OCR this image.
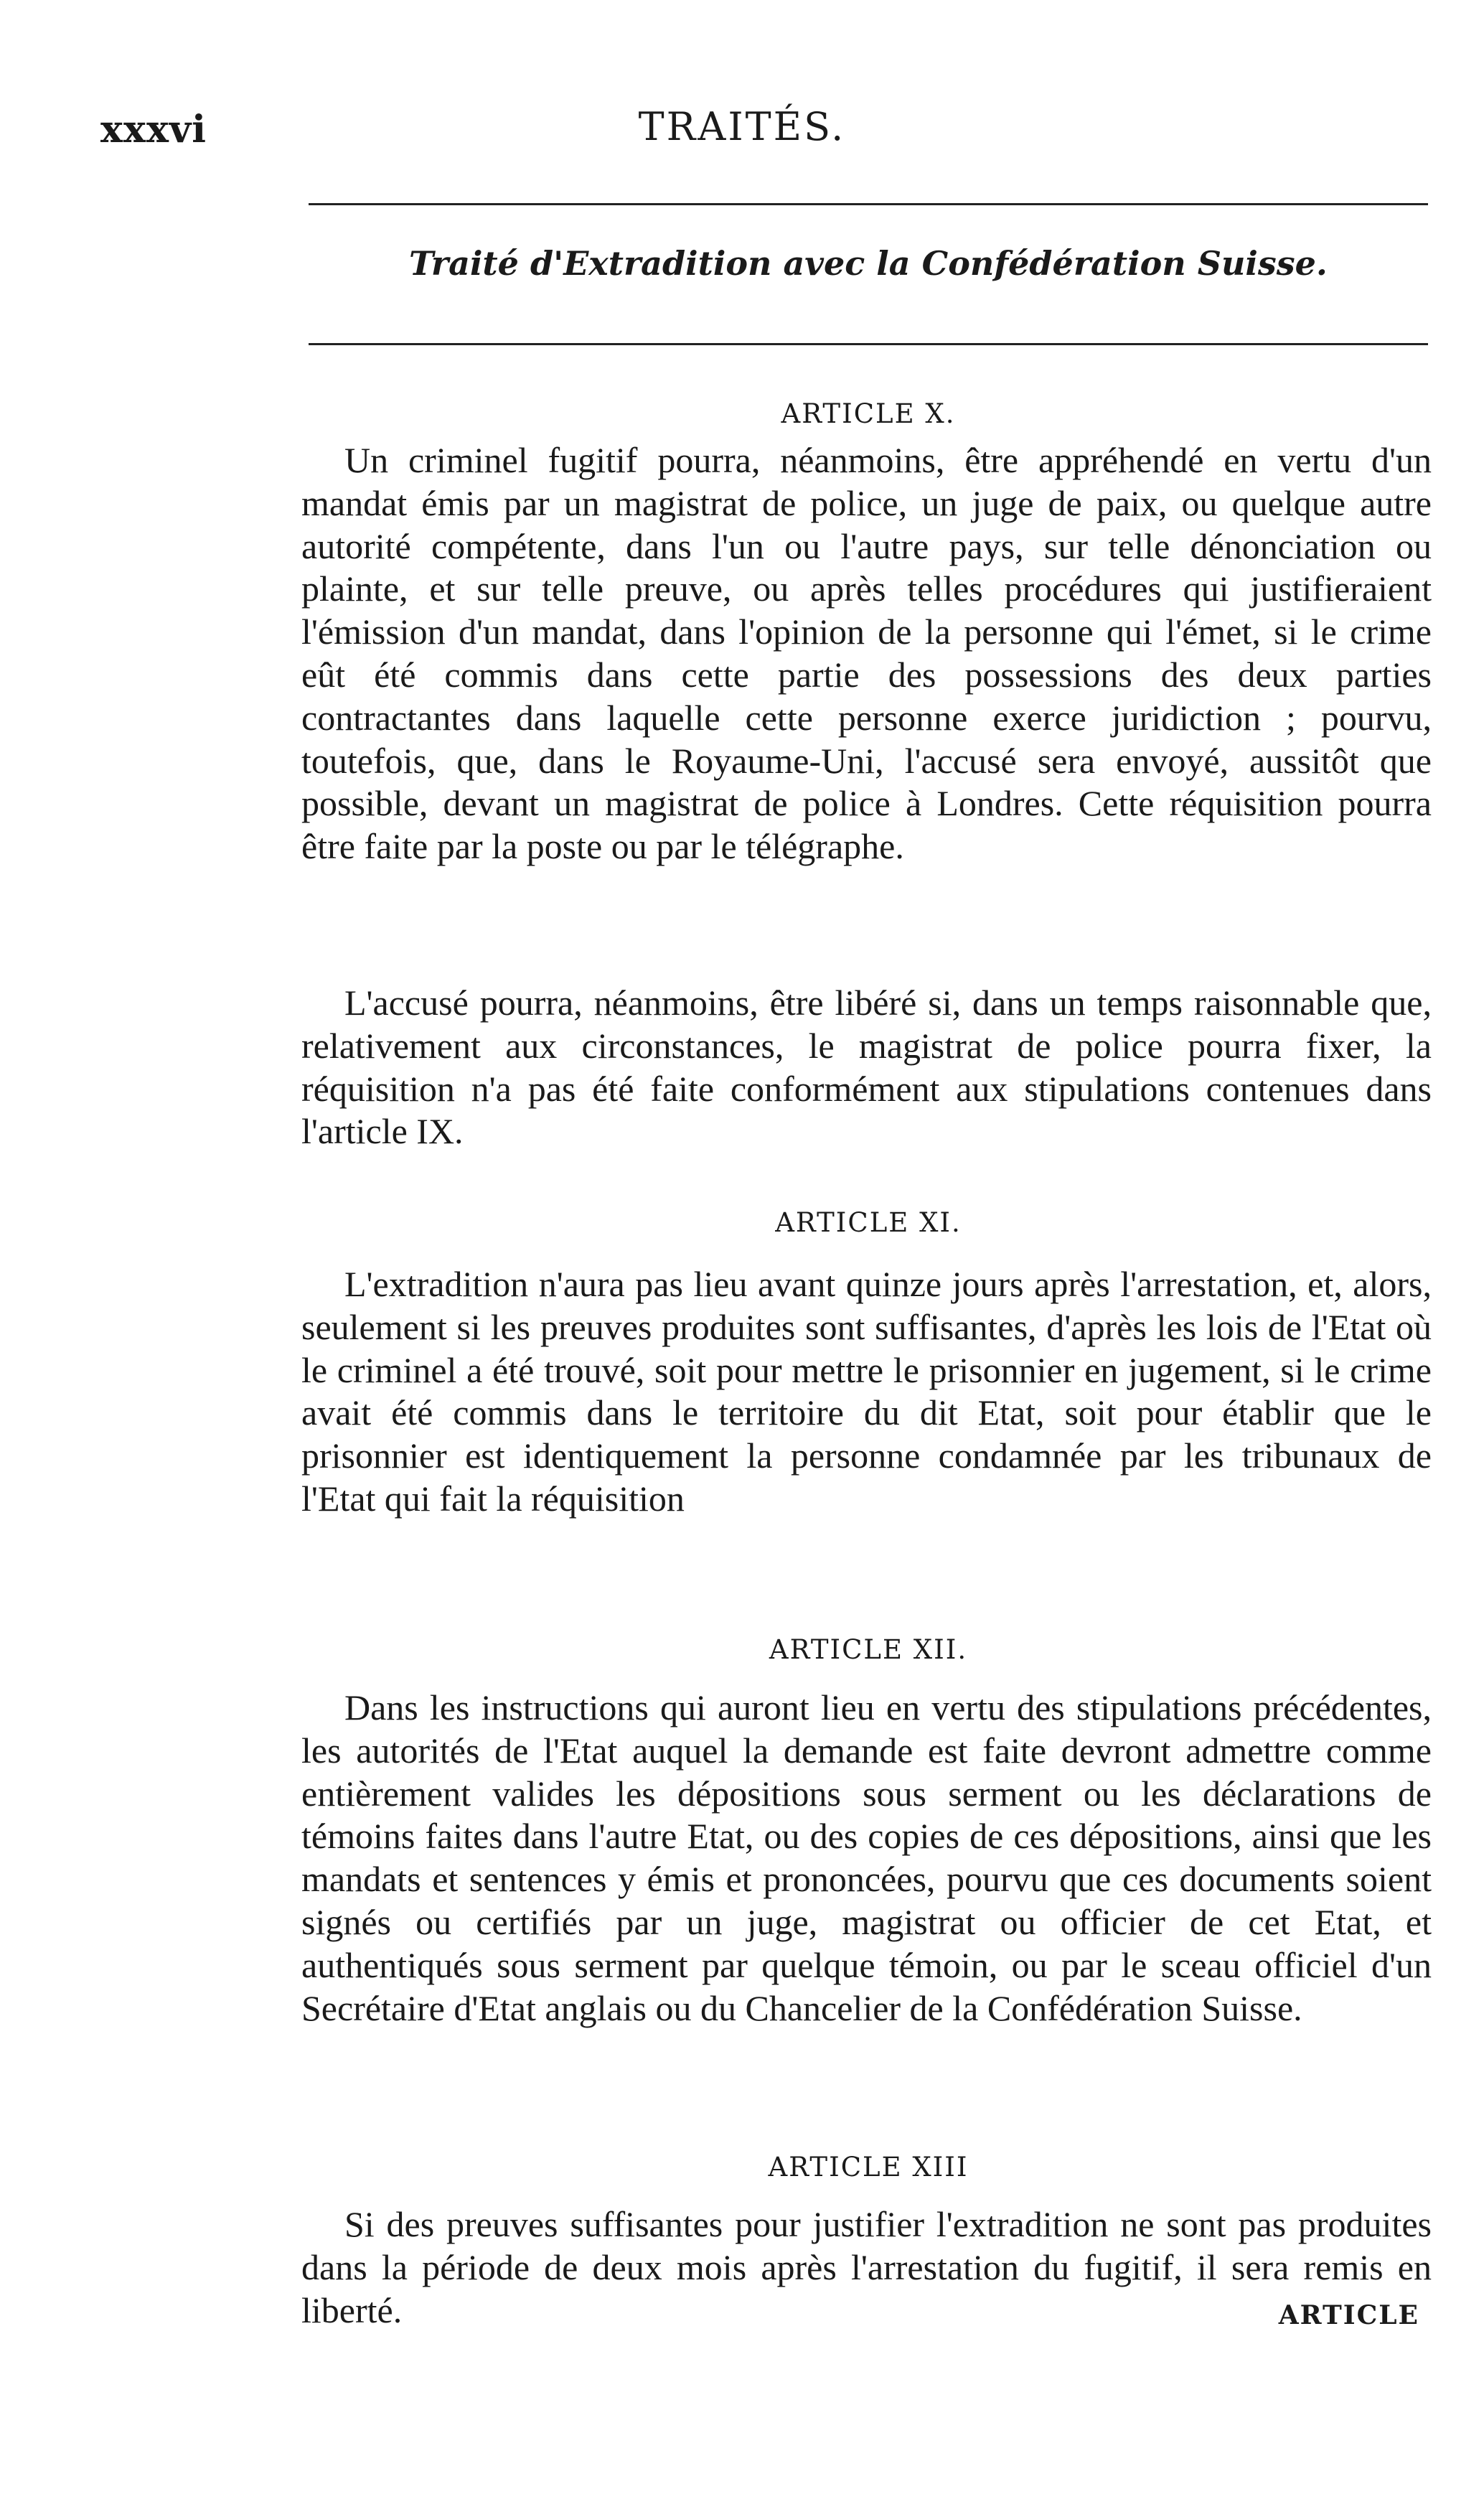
xxxvi	TRAITÉS.
Traité d'Extradition avec la Confédération Suisse.
ARTICLE X.

Un criminel fugitif pourra, néanmoins, être appréhendé en vertu d'un mandat émis par un magistrat de police, un juge de paix, ou quelque autre autorité compétente, dans l'un ou l'autre pays, sur telle dénonciation ou plainte, et sur telle preuve, ou après telles procédures qui justifieraient l'émission d'un mandat, dans l'opinion de la personne qui l'émet, si le crime eût été commis dans cette partie des possessions des deux parties contractantes dans laquelle cette personne exerce juridiction ; pourvu, toutefois, que, dans le Royaume-Uni, l'accusé sera envoyé, aussitôt que possible, devant un magistrat de police à Londres. Cette réquisition pourra être faite par la poste ou par le télégraphe.

L'accusé pourra, néanmoins, être libéré si, dans un temps raisonnable que, relativement aux circonstances, le magistrat de police pourra fixer, la réquisition n'a pas été faite conformément aux stipulations contenues dans l'article IX.

ARTICLE XI.

L'extradition n'aura pas lieu avant quinze jours après l'arrestation, et, alors, seulement si les preuves produites sont suffisantes, d'après les lois de l'Etat où le criminel a été trouvé, soit pour mettre le prisonnier en jugement, si le crime avait été commis dans le territoire du dit Etat, soit pour établir que le prisonnier est identiquement la personne condamnée par les tribunaux de l'Etat qui fait la réquisition

ARTICLE XII.

Dans les instructions qui auront lieu en vertu des stipulations précédentes, les autorités de l'Etat auquel la demande est faite devront admettre comme entièrement valides les dépositions sous serment ou les déclarations de témoins faites dans l'autre Etat, ou des copies de ces dépositions, ainsi que les mandats et sentences y émis et prononcées, pourvu que ces documents soient signés ou certifiés par un juge, magistrat ou officier de cet Etat, et authentiqués sous serment par quelque témoin, ou par le sceau officiel d'un Secrétaire d'Etat anglais ou du Chancelier de la Confédération Suisse.

ARTICLE XIII

Si des preuves suffisantes pour justifier l'extradition ne sont pas produites dans la période de deux mois après l'arrestation du fugitif, il sera remis en liberté.	ARTICLE
